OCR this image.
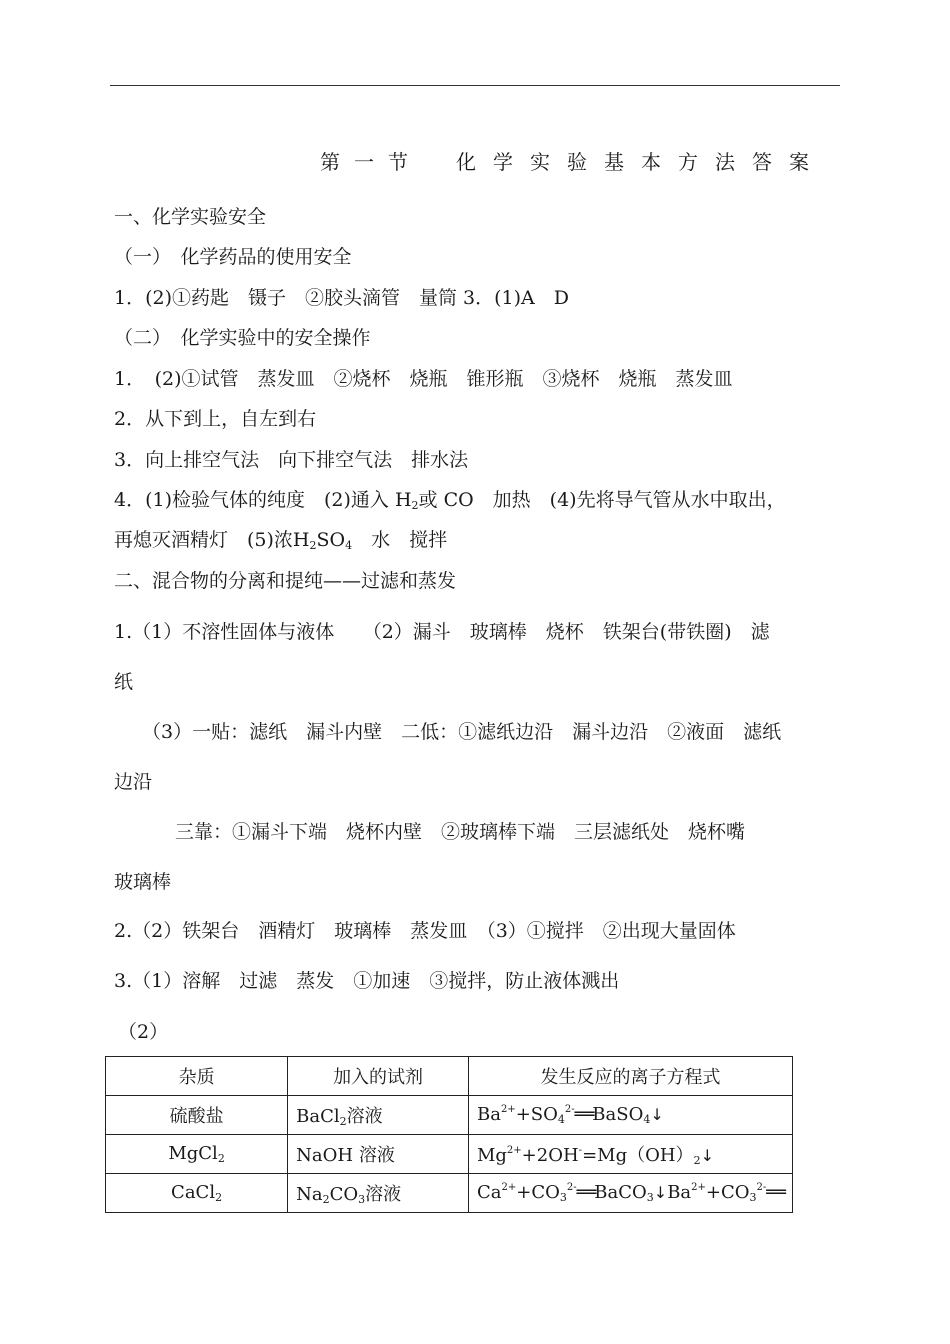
第一节 化学实验基本方法答案
一、化学实验安全
（一）　化学药品的使用安全
1．(2)①药匙　镊子　②胶头滴管　量筒 3．(1)A　D
（二）　化学实验中的安全操作
1．　(2)①试管　蒸发皿　②烧杯　烧瓶　锥形瓶　③烧杯　烧瓶　蒸发皿
2．从下到上，自左到右
3．向上排空气法　向下排空气法　排水法
4．(1)检验气体的纯度　(2)通入 $H_2$或 CO　加热　(4)先将导气管从水中取出，
再熄灭酒精灯　(5)浓$H_2SO_4$　水　搅拌
二、混合物的分离和提纯——过滤和蒸发
1.（1）不溶性固体与液体　　（2）漏斗　玻璃棒　烧杯　铁架台(带铁圈)　滤
纸
（3）一贴：滤纸　漏斗内壁　二低：①滤纸边沿　漏斗边沿　②液面　滤纸
边沿
三靠：①漏斗下端　烧杯内壁　②玻璃棒下端　三层滤纸处　烧杯嘴
玻璃棒
2.（2）铁架台　酒精灯　玻璃棒　蒸发皿　（3）①搅拌　②出现大量固体
3.（1）溶解　过滤　蒸发　①加速　③搅拌，防止液体溅出
（2）
杂质	加入的试剂	发生反应的离子方程式
硫酸盐	BaCl$_2$溶液	$Ba^{2+}+SO_4^{2-}══BaSO_4↓$
MgCl$_2$	NaOH 溶液	$Mg^{2+}+2OH^-=Mg(OH)_2↓$
CaCl$_2$	$Na_2CO_3$溶液	$Ca^{2+}+CO_3^{2-}══BaCO_3↓Ba^{2+}+CO_3^{2-}══$
